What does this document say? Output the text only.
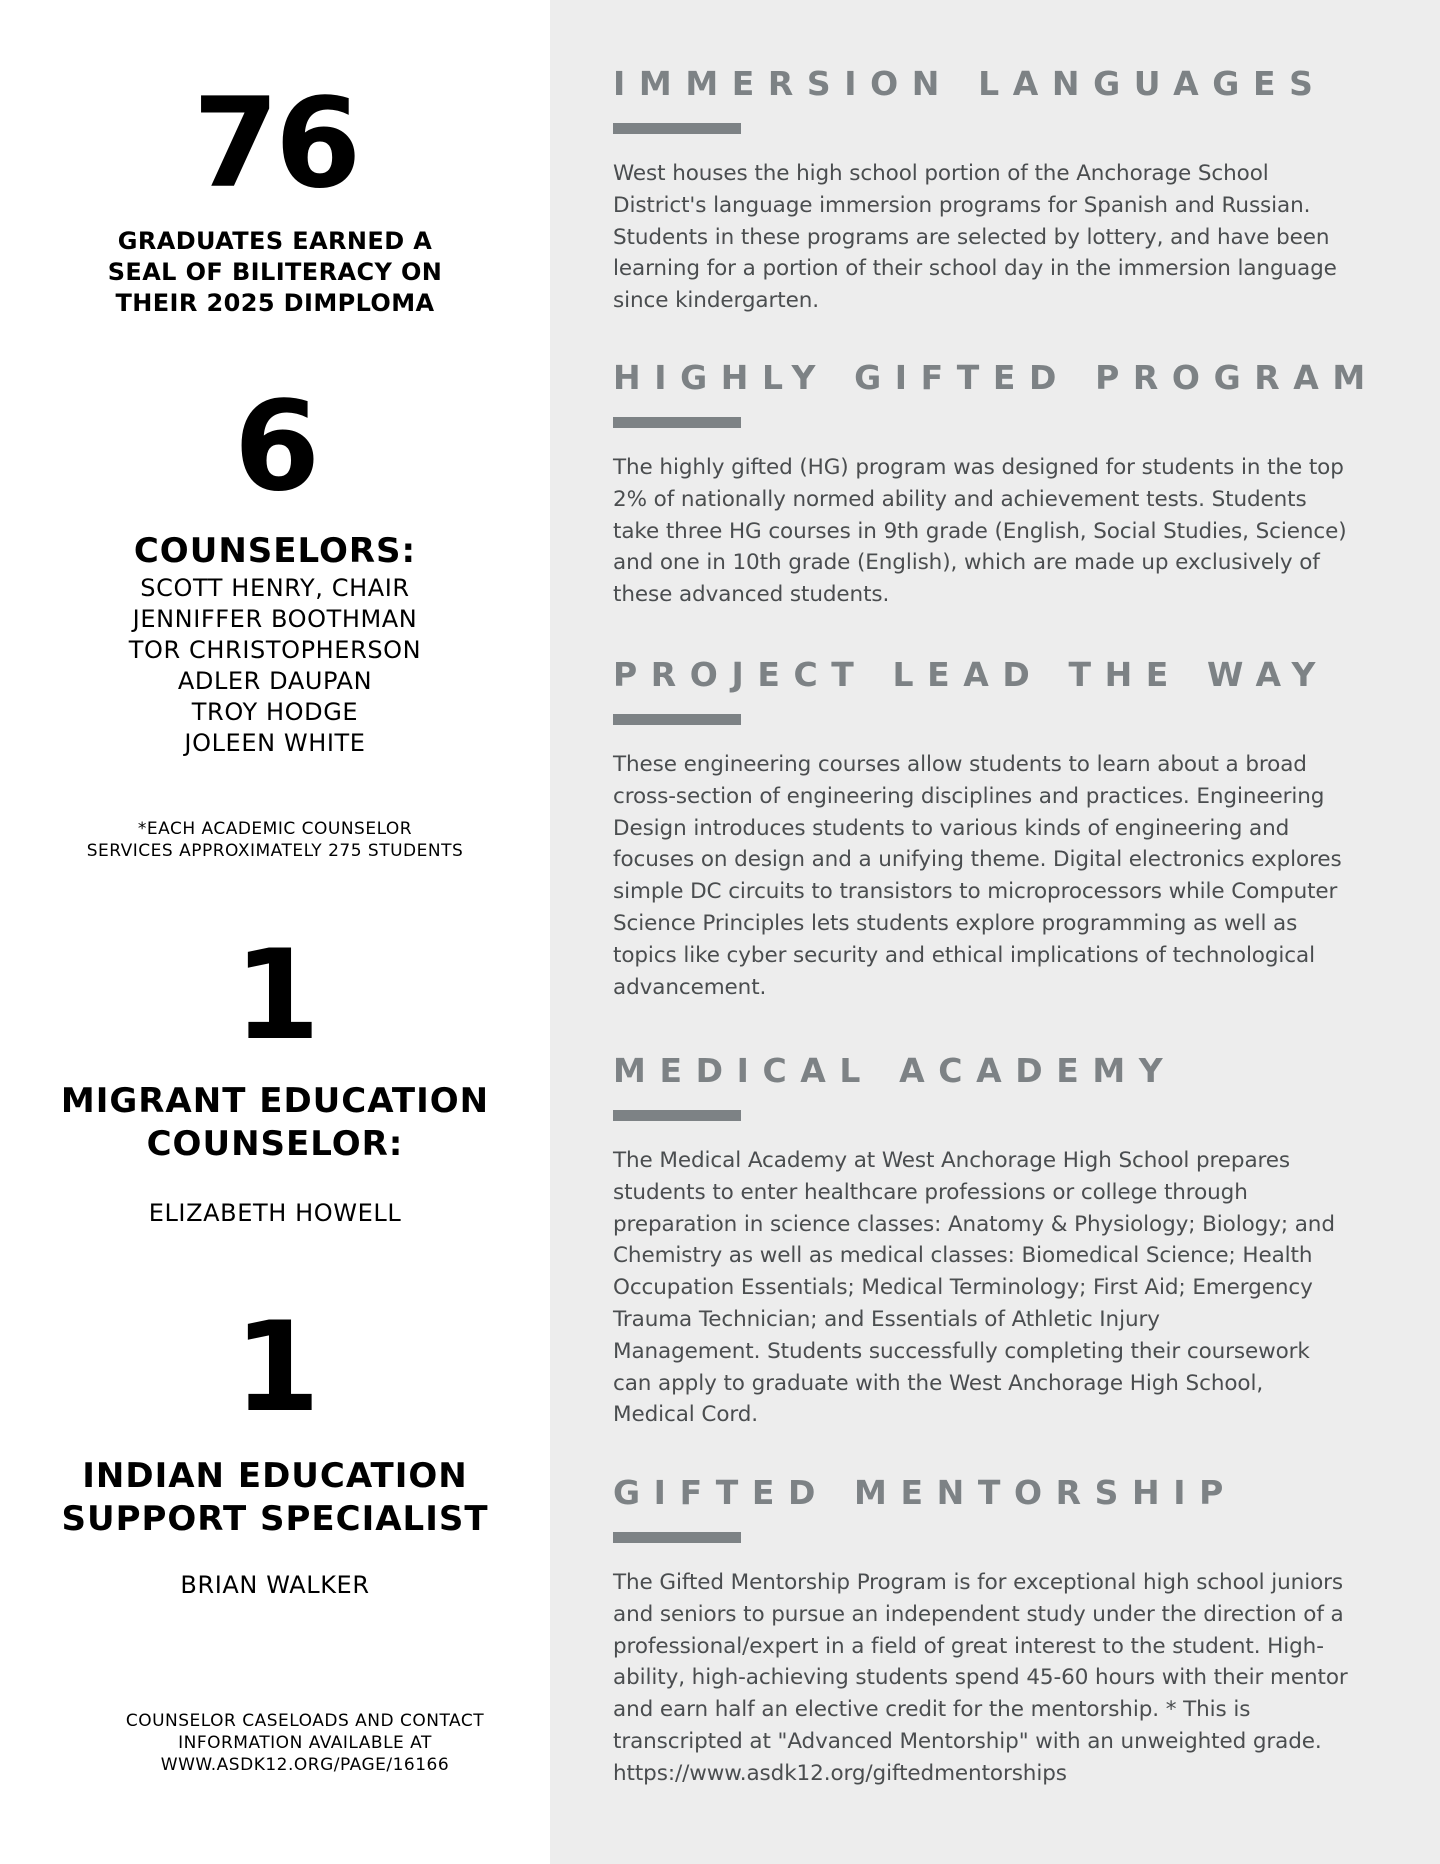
76
GRADUATES EARNED A
SEAL OF BILITERACY ON
THEIR 2025 DIMPLOMA
6
COUNSELORS:
SCOTT HENRY, CHAIR
JENNIFFER BOOTHMAN
TOR CHRISTOPHERSON
ADLER DAUPAN
TROY HODGE
JOLEEN WHITE
*EACH ACADEMIC COUNSELOR
SERVICES APPROXIMATELY 275 STUDENTS
1
MIGRANT EDUCATION
COUNSELOR:
ELIZABETH HOWELL
1
INDIAN EDUCATION
SUPPORT SPECIALIST
BRIAN WALKER
COUNSELOR CASELOADS AND CONTACT
INFORMATION AVAILABLE AT
WWW.ASDK12.ORG/PAGE/16166
IMMERSION LANGUAGES
West houses the high school portion of the Anchorage School
District's language immersion programs for Spanish and Russian.
Students in these programs are selected by lottery, and have been
learning for a portion of their school day in the immersion language
since kindergarten.
HIGHLY GIFTED PROGRAM
The highly gifted (HG) program was designed for students in the top
2% of nationally normed ability and achievement tests. Students
take three HG courses in 9th grade (English, Social Studies, Science)
and one in 10th grade (English), which are made up exclusively of
these advanced students.
PROJECT LEAD THE WAY
These engineering courses allow students to learn about a broad
cross-section of engineering disciplines and practices. Engineering
Design introduces students to various kinds of engineering and
focuses on design and a unifying theme. Digital electronics explores
simple DC circuits to transistors to microprocessors while Computer
Science Principles lets students explore programming as well as
topics like cyber security and ethical implications of technological
advancement.
MEDICAL ACADEMY
The Medical Academy at West Anchorage High School prepares
students to enter healthcare professions or college through
preparation in science classes: Anatomy & Physiology; Biology; and
Chemistry as well as medical classes: Biomedical Science; Health
Occupation Essentials; Medical Terminology; First Aid; Emergency
Trauma Technician; and Essentials of Athletic Injury
Management. Students successfully completing their coursework
can apply to graduate with the West Anchorage High School,
Medical Cord.
GIFTED MENTORSHIP
The Gifted Mentorship Program is for exceptional high school juniors
and seniors to pursue an independent study under the direction of a
professional/expert in a field of great interest to the student. High-
ability, high-achieving students spend 45-60 hours with their mentor
and earn half an elective credit for the mentorship. * This is
transcripted at "Advanced Mentorship" with an unweighted grade.
https://www.asdk12.org/giftedmentorships
